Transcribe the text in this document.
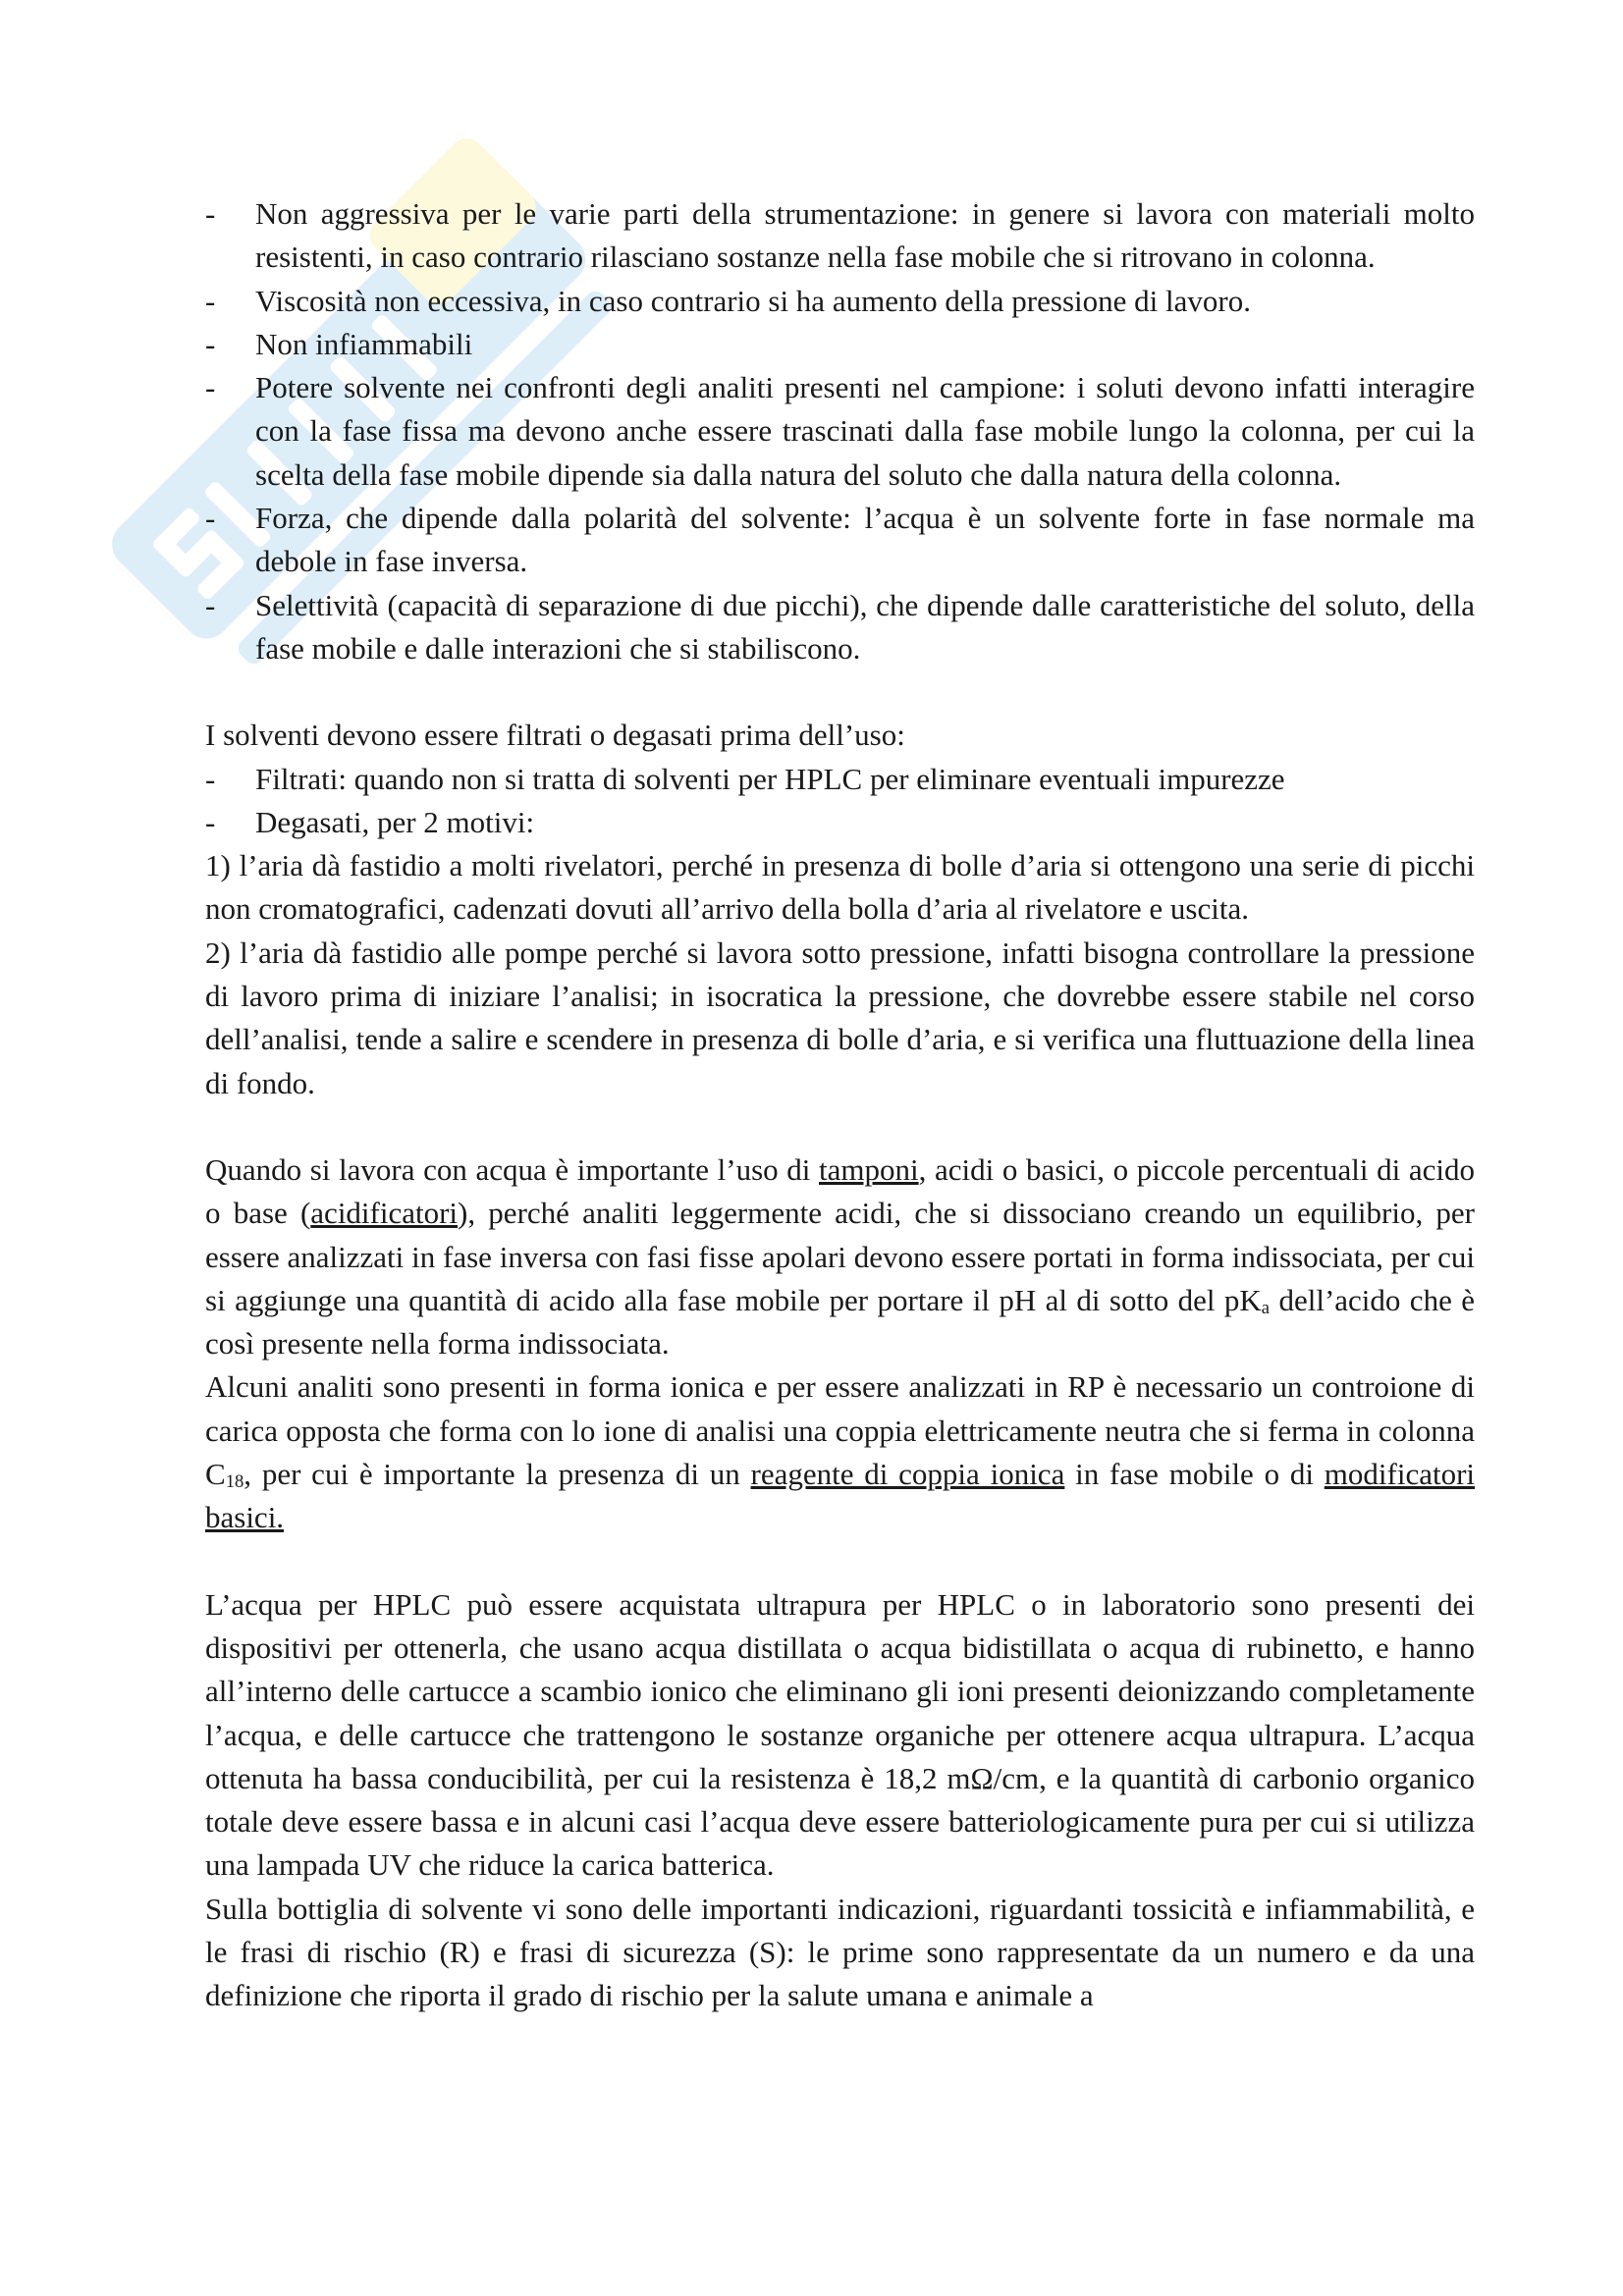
- Non aggressiva per le varie parti della strumentazione: in genere si lavora con materiali molto resistenti, in caso contrario rilasciano sostanze nella fase mobile che si ritrovano in colonna.
- Viscosità non eccessiva, in caso contrario si ha aumento della pressione di lavoro.
- Non infiammabili
- Potere solvente nei confronti degli analiti presenti nel campione: i soluti devono infatti interagire con la fase fissa ma devono anche essere trascinati dalla fase mobile lungo la colonna, per cui la scelta della fase mobile dipende sia dalla natura del soluto che dalla natura della colonna.
- Forza, che dipende dalla polarità del solvente: l’acqua è un solvente forte in fase normale ma debole in fase inversa.
- Selettività (capacità di separazione di due picchi), che dipende dalle caratteristiche del soluto, della fase mobile e dalle interazioni che si stabiliscono.

I solventi devono essere filtrati o degasati prima dell’uso:

- Filtrati: quando non si tratta di solventi per HPLC per eliminare eventuali impurezze
- Degasati, per 2 motivi:

1) l’aria dà fastidio a molti rivelatori, perché in presenza di bolle d’aria si ottengono una serie di picchi non cromatografici, cadenzati dovuti all’arrivo della bolla d’aria al rivelatore e uscita.

2) l’aria dà fastidio alle pompe perché si lavora sotto pressione, infatti bisogna controllare la pressione di lavoro prima di iniziare l’analisi; in isocratica la pressione, che dovrebbe essere stabile nel corso dell’analisi, tende a salire e scendere in presenza di bolle d’aria, e si verifica una fluttuazione della linea di fondo.

Quando si lavora con acqua è importante l’uso di tamponi, acidi o basici, o piccole percentuali di acido o base (acidificatori), perché analiti leggermente acidi, che si dissociano creando un equilibrio, per essere analizzati in fase inversa con fasi fisse apolari devono essere portati in forma indissociata, per cui si aggiunge una quantità di acido alla fase mobile per portare il pH al di sotto del $pK_a$ dell’acido che è così presente nella forma indissociata.

Alcuni analiti sono presenti in forma ionica e per essere analizzati in RP è necessario un controione di carica opposta che forma con lo ione di analisi una coppia elettricamente neutra che si ferma in colonna $C_{18}$, per cui è importante la presenza di un reagente di coppia ionica in fase mobile o di modificatori basici.

L’acqua per HPLC può essere acquistata ultrapura per HPLC o in laboratorio sono presenti dei dispositivi per ottenerla, che usano acqua distillata o acqua bidistillata o acqua di rubinetto, e hanno all’interno delle cartucce a scambio ionico che eliminano gli ioni presenti deionizzando completamente l’acqua, e delle cartucce che trattengono le sostanze organiche per ottenere acqua ultrapura. L’acqua ottenuta ha bassa conducibilità, per cui la resistenza è 18,2 mΩ/cm, e la quantità di carbonio organico totale deve essere bassa e in alcuni casi l’acqua deve essere batteriologicamente pura per cui si utilizza una lampada UV che riduce la carica batterica.

Sulla bottiglia di solvente vi sono delle importanti indicazioni, riguardanti tossicità e infiammabilità, e le frasi di rischio (R) e frasi di sicurezza (S): le prime sono rappresentate da un numero e da una definizione che riporta il grado di rischio per la salute umana e animale a
